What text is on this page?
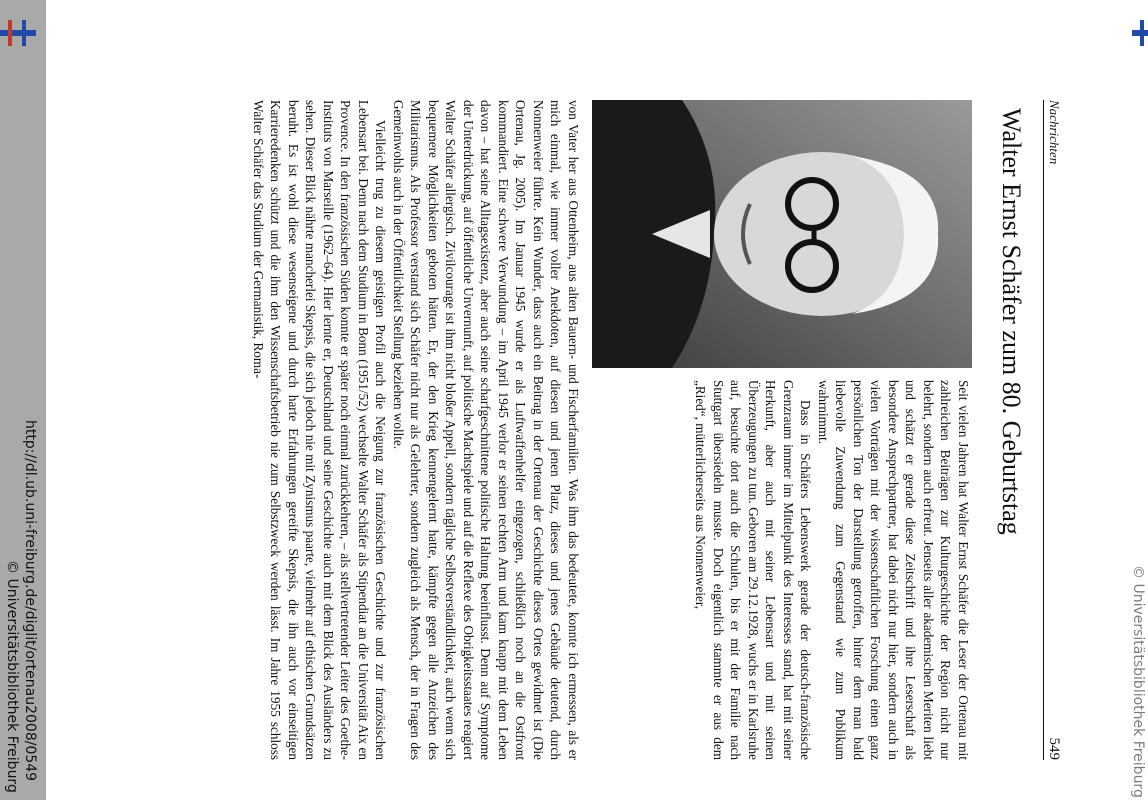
http://dl.ub.uni-freiburg.de/diglit/ortenau2008/0549
© Universitätsbibliothek Freiburg	© Universitätsbibliothek Freiburg
Nachrichten
549
Walter Ernst Schäfer zum 80. Geburtstag

Seit vielen Jahren hat Walter Ernst Schäfer die Leser der Ortenau mit zahlreichen Beiträgen zur Kulturgeschichte der Region nicht nur belehrt, sondern auch erfreut. Jenseits aller akademischen Meriten liebt und schätzt er gerade diese Zeitschrift und ihre Leserschaft als besondere Ansprechpartner, hat dabei nicht nur hier, sondern auch in vielen Vorträgen mit der wissenschaftlichen Forschung einen ganz persönlichen Ton der Darstellung getroffen, hinter dem man bald liebevolle Zuwendung zum Gegenstand wie zum Publikum wahrnimmt.

Dass in Schäfers Lebenswerk gerade der deutsch-französische Grenzraum immer im Mittelpunkt des Interesses stand, hat mit seiner Herkunft, aber auch mit seiner Lebensart und mit seinen Überzeugungen zu tun. Geboren am 29.12.1928, wuchs er in Karlsruhe auf, besuchte dort auch die Schulen, bis er mit der Familie nach Stuttgart übersiedeln musste. Doch eigentlich stammte er aus dem „Ried“, mütterlicherseits aus Nonnenweier,

von Vater her aus Ottenheim, aus alten Bauern- und Fischerfamilien. Was ihm das bedeutete, konnte ich ermessen, als er mich einmal, wie immer voller Anekdoten, auf diesen und jenen Platz, dieses und jenes Gebäude deutend, durch Nonnenweier führte. Kein Wunder, dass auch ein Beitrag in der Ortenau der Geschichte dieses Ortes gewidmet ist (Die Ortenau, Jg. 2005). Im Januar 1945 wurde er als Luftwaffenhelfer eingezogen, schließlich noch an die Ostfront kommandiert. Eine schwere Verwundung – im April 1945 verlor er seinen rechten Arm und kam knapp mit dem Leben davon – hat seine Alltagsexistenz, aber auch seine scharfgeschnittene politische Haltung beeinflusst. Denn auf Symptome der Unterdrückung, auf öffentliche Unvernunft, auf politische Machtspiele und auf die Reflexe des Obrigkeitsstaates reagiert Walter Schäfer allergisch. Zivilcourage ist ihm nicht bloßer Appell, sondern tägliche Selbstverständlichkeit, auch wenn sich bequemere Möglichkeiten geboten hätten. Er, der den Krieg kennengelernt hatte, kämpfte gegen alle Anzeichen des Militarismus. Als Professor verstand sich Schäfer nicht nur als Gelehrter, sondern zugleich als Mensch, der in Fragen des Gemeinwohls auch in der Öffentlichkeit Stellung beziehen wollte.

Vielleicht trug zu diesem geistigen Profil auch die Neigung zur französischen Geschichte und zur französischen Lebensart bei. Denn nach dem Studium in Bonn (1951/52) wechselte Walter Schäfer als Stipendiat an die Universität Aix en Provence. In den französischen Süden konnte er später noch einmal zurückkehren, – als stellvertretender Leiter des Goethe-Instituts von Marseille (1962–64). Hier lernte er, Deutschland und seine Geschichte auch mit dem Blick des Ausländers zu sehen. Dieser Blick nährte mancherlei Skepsis, die sich jedoch nie mit Zynismus paarte, vielmehr auf ethischen Grundsätzen beruht. Es ist wohl diese wesenseigene und durch harte Erfahrungen gereifte Skepsis, die ihn auch vor einseitigen Karrieredenken schützt und die ihm den Wissenschaftsbetrieb nie zum Selbstzweck werden lässt. Im Jahre 1955 schloss Walter Schäfer das Studium der Germanistik, Roma-
